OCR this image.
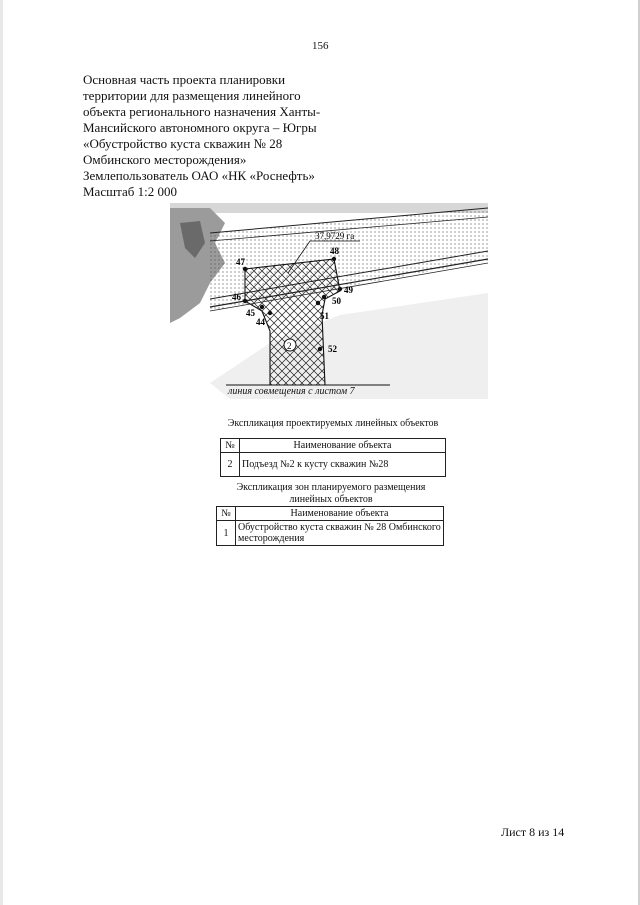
156
Основная часть проекта планировки
территории для размещения линейного
объекта регионального назначения Ханты-
Мансийского автономного округа – Югры
«Обустройство куста скважин № 28
Омбинского месторождения»
Землепользователь ОАО «НК «Роснефть»
Масштаб 1:2 000
37,9729 га
2
47
48
49
50
46
45
44
51
52
линия совмещения с листом 7
Экспликация проектируемых линейных объектов
№	Наименование объекта
2	Подъезд №2 к кусту скважин №28
Экспликация зон планируемого размещения
линейных объектов
№	Наименование объекта
1	Обустройство куста скважин № 28 Омбинского месторождения
Лист 8 из 14
